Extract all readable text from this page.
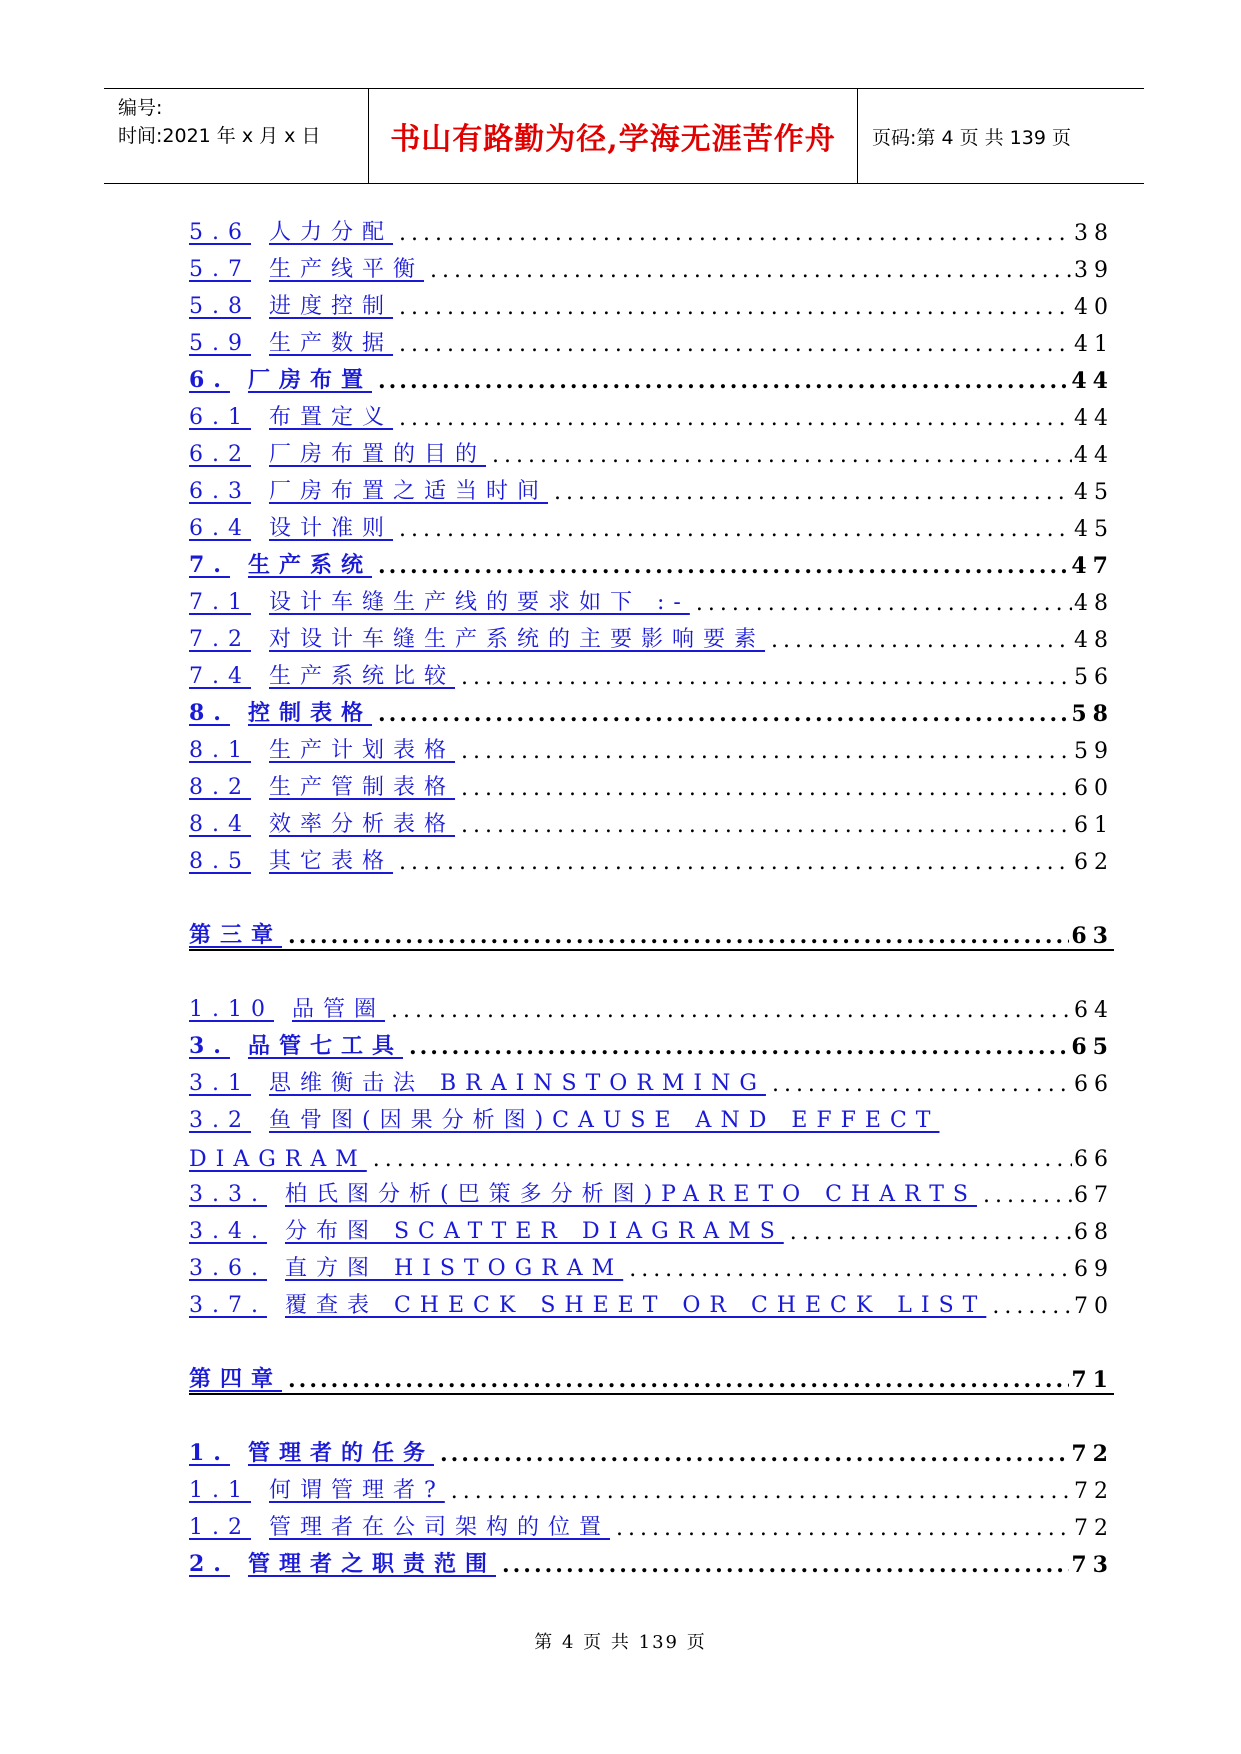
编号:
时间:2021 年 x 月 x 日 书山有路勤为径,学海无涯苦作舟 页码:第 4 页 共 139 页
5.6 人力分配 .....	38
5.7 生产线平衡 .....	39
5.8 进度控制 .....	40
5.9 生产数据 .....	41
6. 厂房布置 .....	44
6.1 布置定义 .....	44
6.2 厂房布置的目的 .....	44
6.3 厂房布置之适当时间 .....	45
6.4 设计准则 .....	45
7. 生产系统 .....	47
7.1 设计车缝生产线的要求如下 :- .....	48
7.2 对设计车缝生产系统的主要影响要素 .....	48
7.4 生产系统比较 .....	56
8. 控制表格 .....	58
8.1 生产计划表格 .....	59
8.2 生产管制表格 .....	60
8.4 效率分析表格 .....	61
8.5 其它表格 .....	62
第三章 .....	63
1.10 品管圈 .....	64
3. 品管七工具 .....	65
3.1 思维衡击法 BRAINSTORMING .....	66
3.2 鱼骨图(因果分析图)CAUSE AND EFFECT
DIAGRAM .....	66
3.3. 柏氏图分析(巴策多分析图)PARETO CHARTS .....	67
3.4. 分布图 SCATTER DIAGRAMS .....	68
3.6. 直方图 HISTOGRAM .....	69
3.7. 覆查表 CHECK SHEET OR CHECK LIST .....	70
第四章 .....	71
1. 管理者的任务 .....	72
1.1 何谓管理者? .....	72
1.2 管理者在公司架构的位置 .....	72
2. 管理者之职责范围 .....	73
第 4 页 共 139 页
